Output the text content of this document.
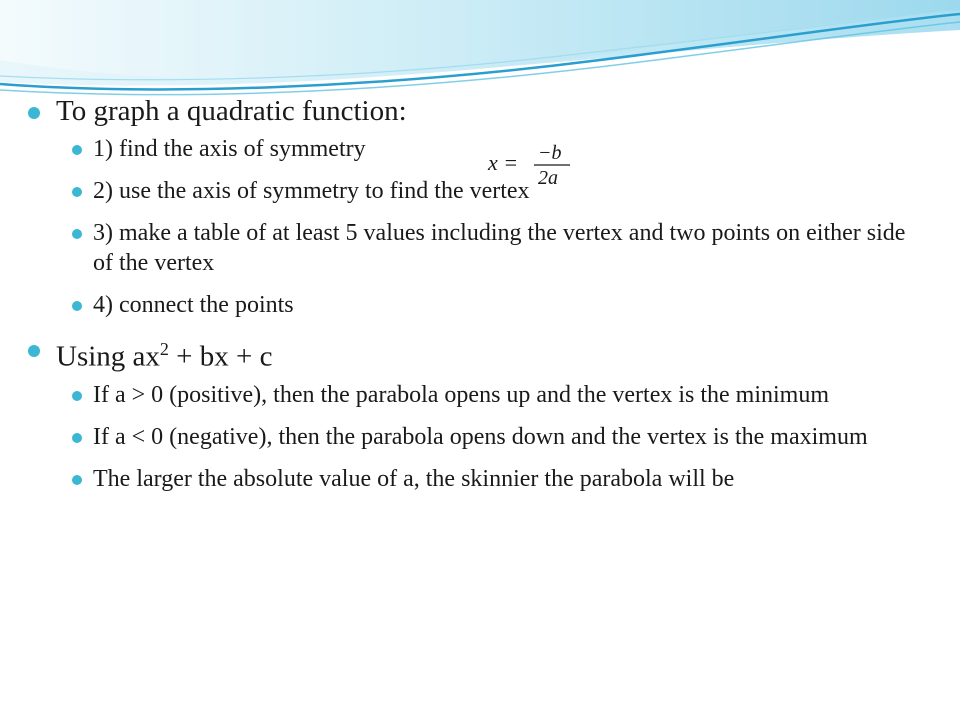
To graph a quadratic function:
1) find the axis of symmetry
2) use the axis of symmetry to find the vertex
3) make a table of at least 5 values including the vertex and two points on either side of the vertex
4) connect the points
Using $ax^2$ + bx + c
If a > 0 (positive), then the parabola opens up and the vertex is the minimum
If a < 0 (negative), then the parabola opens down and the vertex is the maximum
The larger the absolute value of a, the skinnier the parabola will be
x = −b
2a
